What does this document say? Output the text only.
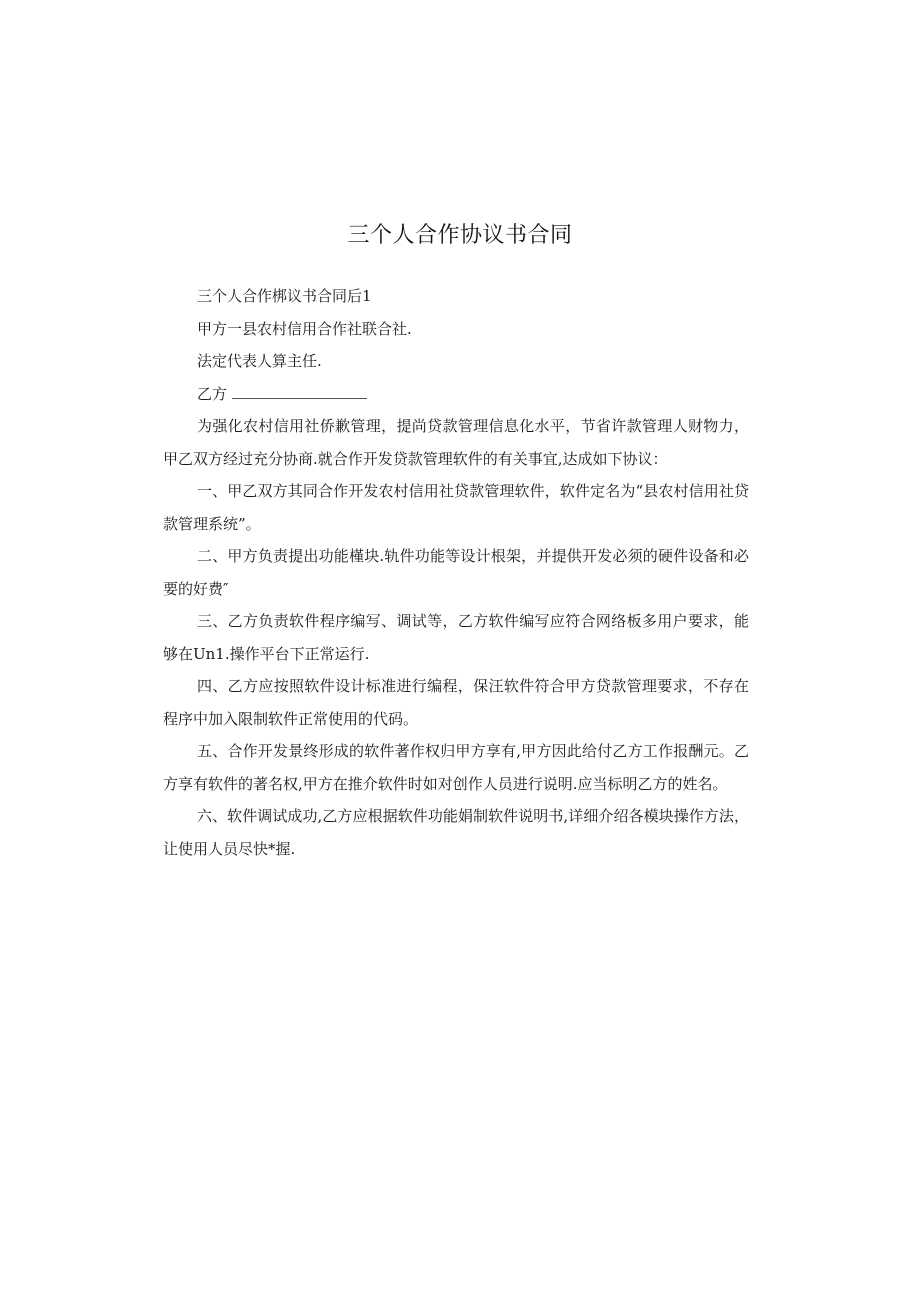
三个人合作协议书合同

三个人合作梆议书合同后1

甲方一县农村信用合作社联合社.

法定代表人算主任.

乙方

为强化农村信用社侨歉管理，提尚贷款管理信息化水平，节省许款管理人财物力，甲乙双方经过充分协商.就合作开发贷款管理软件的有关事宜,达成如下协议：

一、甲乙双方其同合作开发农村信用社贷款管理软件，软件定名为“县农村信用社贷款管理系统”。

二、甲方负责提出功能槿块.轨件功能等设计根架，并提供开发必须的硬件设备和必要的好费″

三、乙方负责软件程序编写、调试等，乙方软件编写应符合网络板多用户要求，能够在Un1.操作平台下正常运行.

四、乙方应按照软件设计标准进行编程，保汪软件符合甲方贷款管理要求，不存在程序中加入限制软件正常使用的代码。

五、合作开发景终形成的软件著作权归甲方享有,甲方因此给付乙方工作报酬元。乙方享有软件的著名权,甲方在推介软件时如对创作人员进行说明.应当标明乙方的姓名。

六、软件调试成功,乙方应根据软件功能娟制软件说明书,详细介绍各模块操作方法，让使用人员尽快*握.
